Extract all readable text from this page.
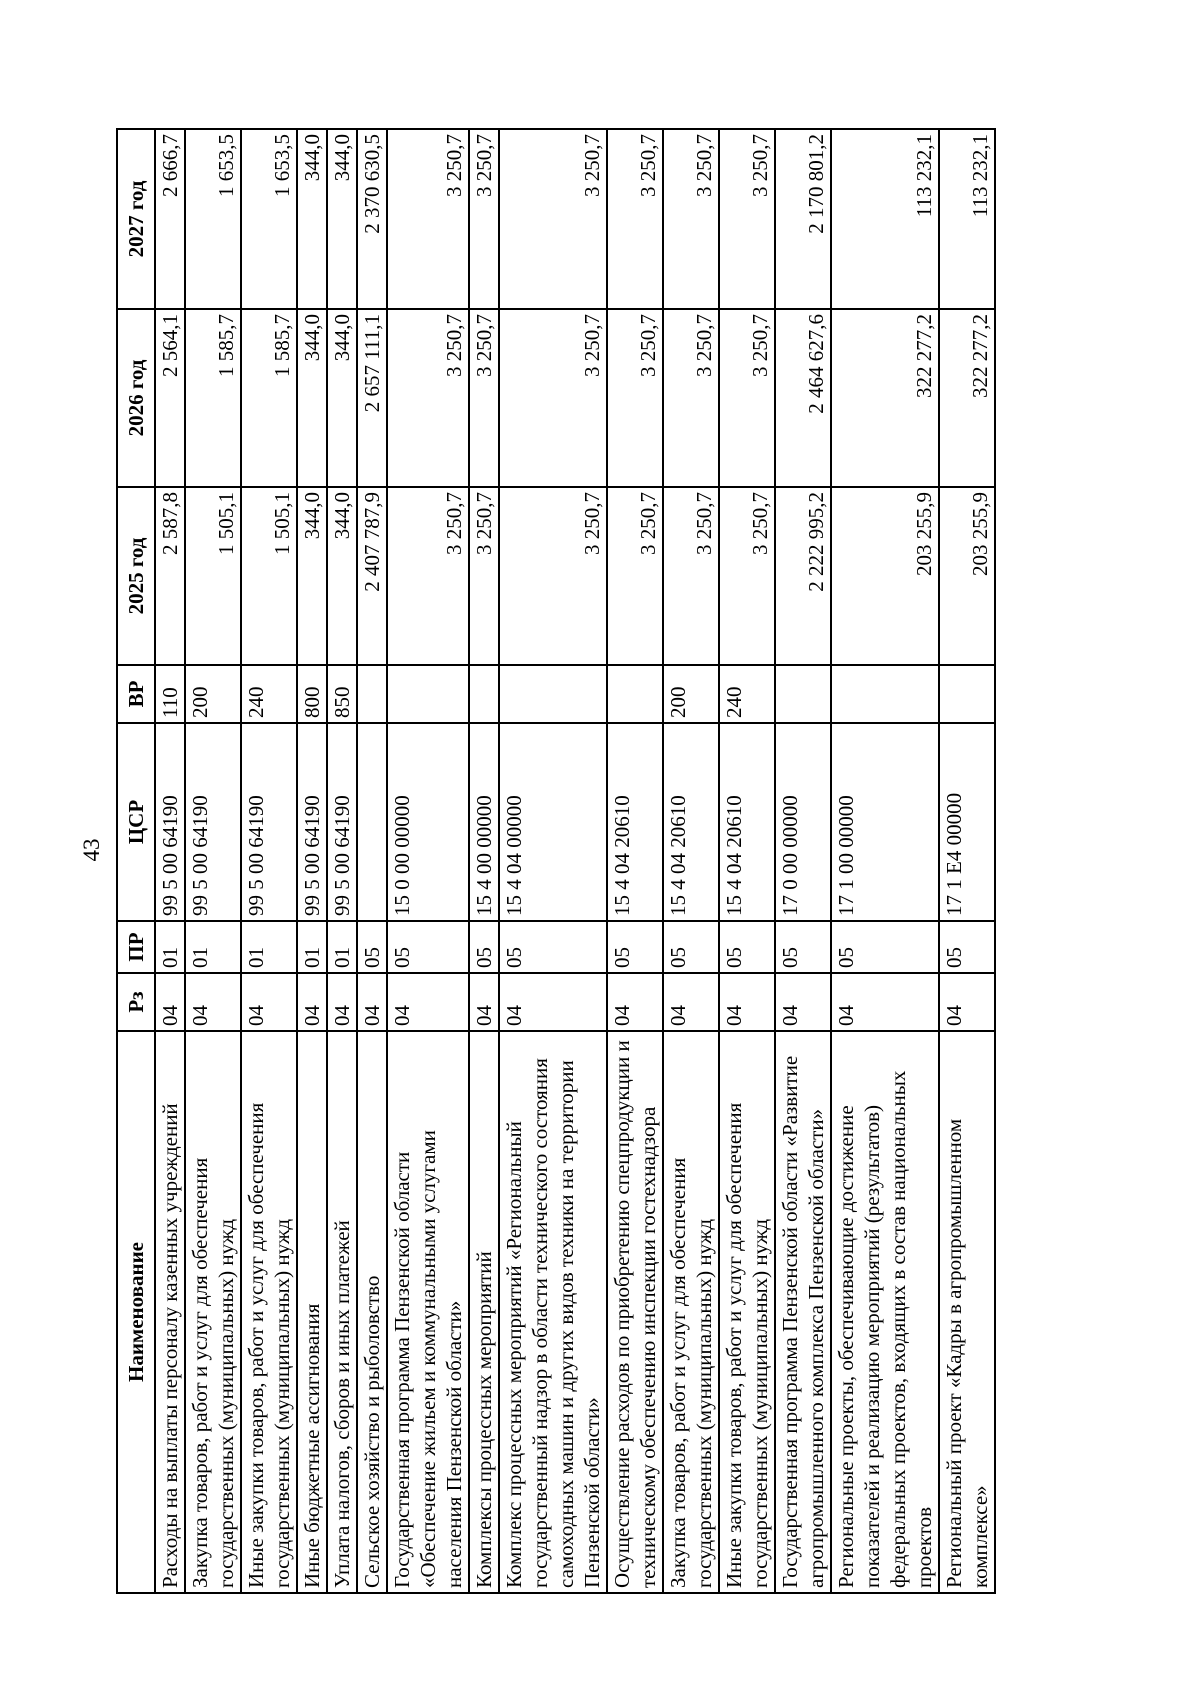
43
Наименование	Рз	ПР	ЦСР	ВР	2025 год	2026 год	2027 год
Расходы на выплаты персоналу казенных учреждений	04	01	99 5 00 64190	110	2 587,8	2 564,1	2 666,7
Закупка товаров, работ и услуг для обеспечения государственных (муниципальных) нужд	04	01	99 5 00 64190	200	1 505,1	1 585,7	1 653,5
Иные закупки товаров, работ и услуг для обеспечения государственных (муниципальных) нужд	04	01	99 5 00 64190	240	1 505,1	1 585,7	1 653,5
Иные бюджетные ассигнования	04	01	99 5 00 64190	800	344,0	344,0	344,0
Уплата налогов, сборов и иных платежей	04	01	99 5 00 64190	850	344,0	344,0	344,0
Сельское хозяйство и рыболовство	04	05			2 407 787,9	2 657 111,1	2 370 630,5
Государственная программа Пензенской области «Обеспечение жильем и коммунальными услугами населения Пензенской области»	04	05	15 0 00 00000		3 250,7	3 250,7	3 250,7
Комплексы процессных мероприятий	04	05	15 4 00 00000		3 250,7	3 250,7	3 250,7
Комплекс процессных мероприятий «Региональный государственный надзор в области технического состояния самоходных машин и других видов техники на территории Пензенской области»	04	05	15 4 04 00000		3 250,7	3 250,7	3 250,7
Осуществление расходов по приобретению спецпродукции и техническому обеспечению инспекции гостехнадзора	04	05	15 4 04 20610		3 250,7	3 250,7	3 250,7
Закупка товаров, работ и услуг для обеспечения государственных (муниципальных) нужд	04	05	15 4 04 20610	200	3 250,7	3 250,7	3 250,7
Иные закупки товаров, работ и услуг для обеспечения государственных (муниципальных) нужд	04	05	15 4 04 20610	240	3 250,7	3 250,7	3 250,7
Государственная программа Пензенской области «Развитие агропромышленного комплекса Пензенской области»	04	05	17 0 00 00000		2 222 995,2	2 464 627,6	2 170 801,2
Региональные проекты, обеспечивающие достижение показателей и реализацию мероприятий (результатов) федеральных проектов, входящих в состав национальных проектов	04	05	17 1 00 00000		203 255,9	322 277,2	113 232,1
Региональный проект «Кадры в агропромышленном комплексе»	04	05	17 1 Е4 00000		203 255,9	322 277,2	113 232,1
